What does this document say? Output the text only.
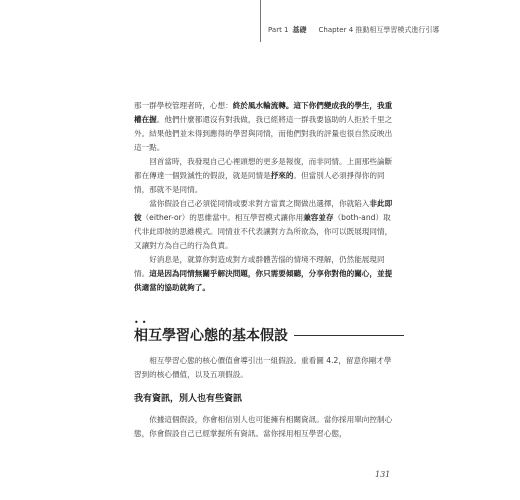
Part 1 基礎 Chapter 4 推動相互學習模式進行引導

那一群學校管理者時，心想：終於風水輪流轉。這下你們變成我的學生，我重權在握。他們什麼都還沒有對我做，我已經將這一群我要協助的人拒於千里之外。結果他們並未得到應得的學習與同情，而他們對我的評量也很自然反映出這一點。

回首當時，我發現自己心裡頭想的更多是報復，而非同情。上面那些論斷都在傳達一個毀滅性的假設，就是同情是抒來的。但當別人必須掙得你的同情，那就不是同情。

當你假設自己必須從同情或要求對方當責之間做出選擇，你就陷入非此即彼（either-or）的思維當中。相互學習模式讓你用兼容並存（both-and）取代非此即彼的思維模式。同情並不代表讓對方為所欲為，你可以既展現同情，又讓對方為自己的行為負責。

好消息是，就算你對造成對方或群體苦惱的情境不理解，仍然能展現同情。這是因為同情無關乎解決問題，你只需要傾聽，分享你對他的關心，並提供適當的協助就夠了。

••
相互學習心態的基本假設

相互學習心態的核心價值會導引出一組假設。重看圖 4.2，留意你剛才學習到的核心價值，以及五項假設。

我有資訊，別人也有些資訊

依據這個假設，你會相信別人也可能擁有相關資訊。當你採用單向控制心態，你會假設自己已經掌握所有資訊。當你採用相互學習心態，

131
